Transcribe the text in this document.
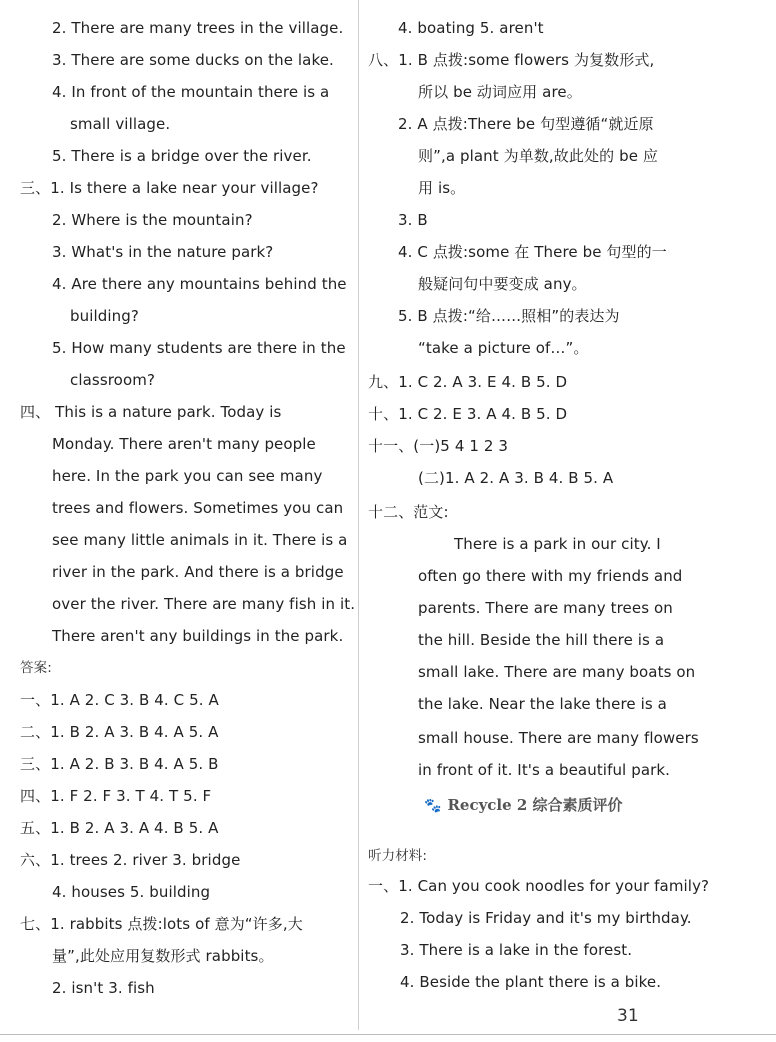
2. There are many trees in the village.
3. There are some ducks on the lake.
4. In front of the mountain there is a
small village.
5. There is a bridge over the river.
三、1. Is there a lake near your village?
2. Where is the mountain?
3. What's in the nature park?
4. Are there any mountains behind the
building?
5. How many students are there in the
classroom?
四、 This is a nature park. Today is
Monday. There aren't many people
here. In the park you can see many
trees and flowers. Sometimes you can
see many little animals in it. There is a
river in the park. And there is a bridge
over the river. There are many fish in it.
There aren't any buildings in the park.
答案:
一、1. A 2. C 3. B 4. C 5. A
二、1. B 2. A 3. B 4. A 5. A
三、1. A 2. B 3. B 4. A 5. B
四、1. F 2. F 3. T 4. T 5. F
五、1. B 2. A 3. A 4. B 5. A
六、1. trees 2. river 3. bridge
4. houses 5. building
七、1. rabbits 点拨:lots of 意为“许多,大
量”,此处应用复数形式 rabbits。
2. isn't 3. fish
4. boating 5. aren't
八、1. B 点拨:some flowers 为复数形式,
所以 be 动词应用 are。
2. A 点拨:There be 句型遵循“就近原
则”,a plant 为单数,故此处的 be 应
用 is。
3. B
4. C 点拨:some 在 There be 句型的一
般疑问句中要变成 any。
5. B 点拨:“给……照相”的表达为
“take a picture of…”。
九、1. C 2. A 3. E 4. B 5. D
十、1. C 2. E 3. A 4. B 5. D
十一、(一)5 4 1 2 3
(二)1. A 2. A 3. B 4. B 5. A
十二、范文:
There is a park in our city. I
often go there with my friends and
parents. There are many trees on
the hill. Beside the hill there is a
small lake. There are many boats on
the lake. Near the lake there is a
small house. There are many flowers
in front of it. It's a beautiful park.
听力材料:
一、1. Can you cook noodles for your family?
2. Today is Friday and it's my birthday.
3. There is a lake in the forest.
4. Beside the plant there is a bike.
🐾 Recycle 2 综合素质评价
31
